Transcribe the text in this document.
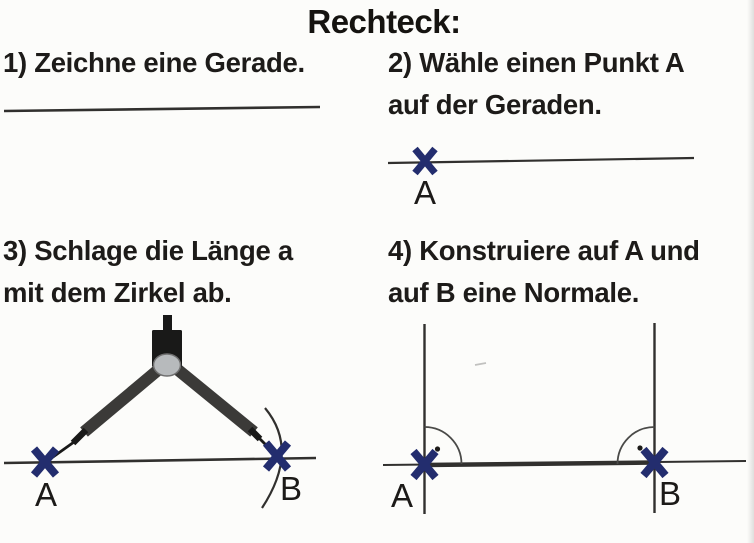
Rechteck:
1) Zeichne eine Gerade.	2) Wähle einen Punkt A
auf der Geraden.
3) Schlage die Länge a
mit dem Zirkel ab.
4) Konstruiere auf A und
auf B eine Normale.
A
A	B	A	B
